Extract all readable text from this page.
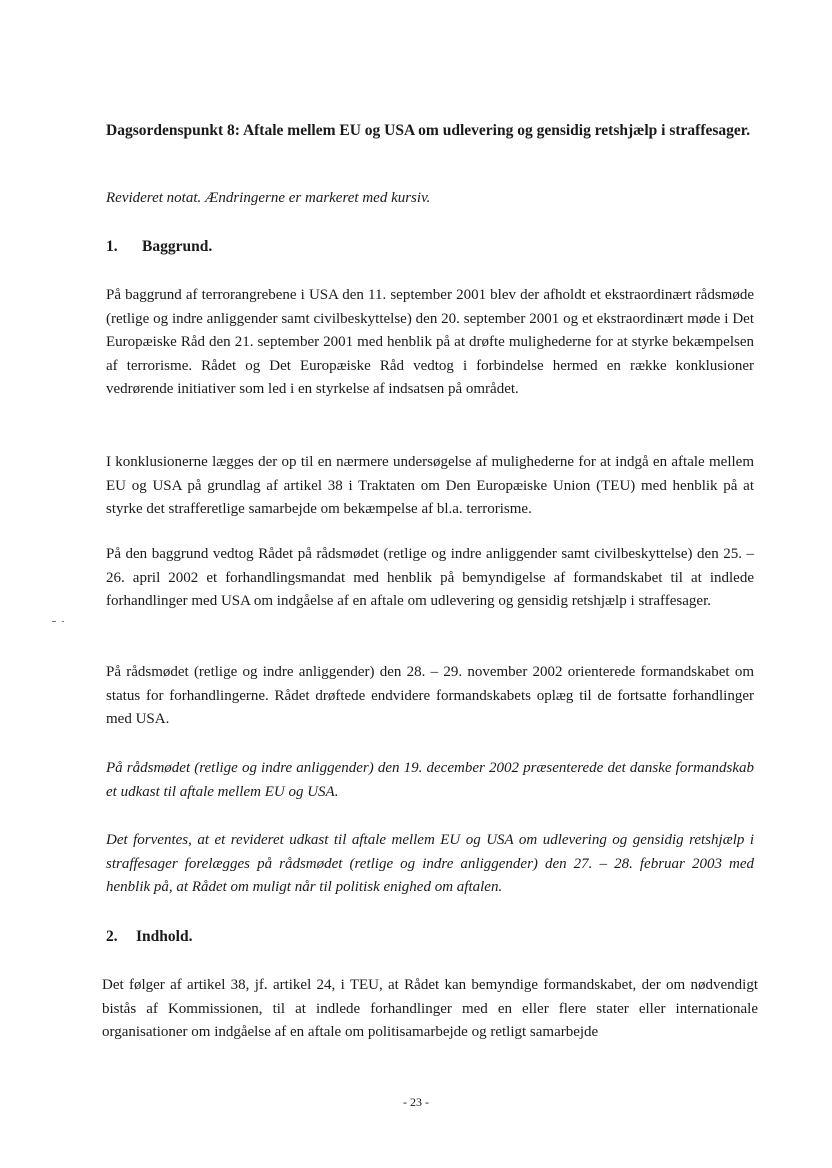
Dagsordenspunkt 8: Aftale mellem EU og USA om udlevering og gensidig retshjælp i straffesager.
Revideret notat. Ændringerne er markeret med kursiv.
1. Baggrund.
På baggrund af terrorangrebene i USA den 11. september 2001 blev der afholdt et ekstraordinært rådsmøde (retlige og indre anliggender samt civilbeskyttelse) den 20. september 2001 og et ekstraordinært møde i Det Europæiske Råd den 21. september 2001 med henblik på at drøfte mulighederne for at styrke bekæmpelsen af terrorisme. Rådet og Det Europæiske Råd vedtog i forbindelse hermed en række konklusioner vedrørende initiativer som led i en styrkelse af indsatsen på området.
I konklusionerne lægges der op til en nærmere undersøgelse af mulighederne for at indgå en aftale mellem EU og USA på grundlag af artikel 38 i Traktaten om Den Europæiske Union (TEU) med henblik på at styrke det strafferetlige samarbejde om bekæmpelse af bl.a. terrorisme.
På den baggrund vedtog Rådet på rådsmødet (retlige og indre anliggender samt civilbeskyttelse) den 25. – 26. april 2002 et forhandlingsmandat med henblik på bemyndigelse af formandskabet til at indlede forhandlinger med USA om indgåelse af en aftale om udlevering og gensidig retshjælp i straffesager.
På rådsmødet (retlige og indre anliggender) den 28. – 29. november 2002 orienterede formandskabet om status for forhandlingerne. Rådet drøftede endvidere formandskabets oplæg til de fortsatte forhandlinger med USA.
På rådsmødet (retlige og indre anliggender) den 19. december 2002 præsenterede det danske formandskab et udkast til aftale mellem EU og USA.
Det forventes, at et revideret udkast til aftale mellem EU og USA om udlevering og gensidig retshjælp i straffesager forelægges på rådsmødet (retlige og indre anliggender) den 27. – 28. februar 2003 med henblik på, at Rådet om muligt når til politisk enighed om aftalen.
2. Indhold.
Det følger af artikel 38, jf. artikel 24, i TEU, at Rådet kan bemyndige formandskabet, der om nødvendigt bistås af Kommissionen, til at indlede forhandlinger med en eller flere stater eller internationale organisationer om indgåelse af en aftale om politisamarbejde og retligt samarbejde
- 23 -
